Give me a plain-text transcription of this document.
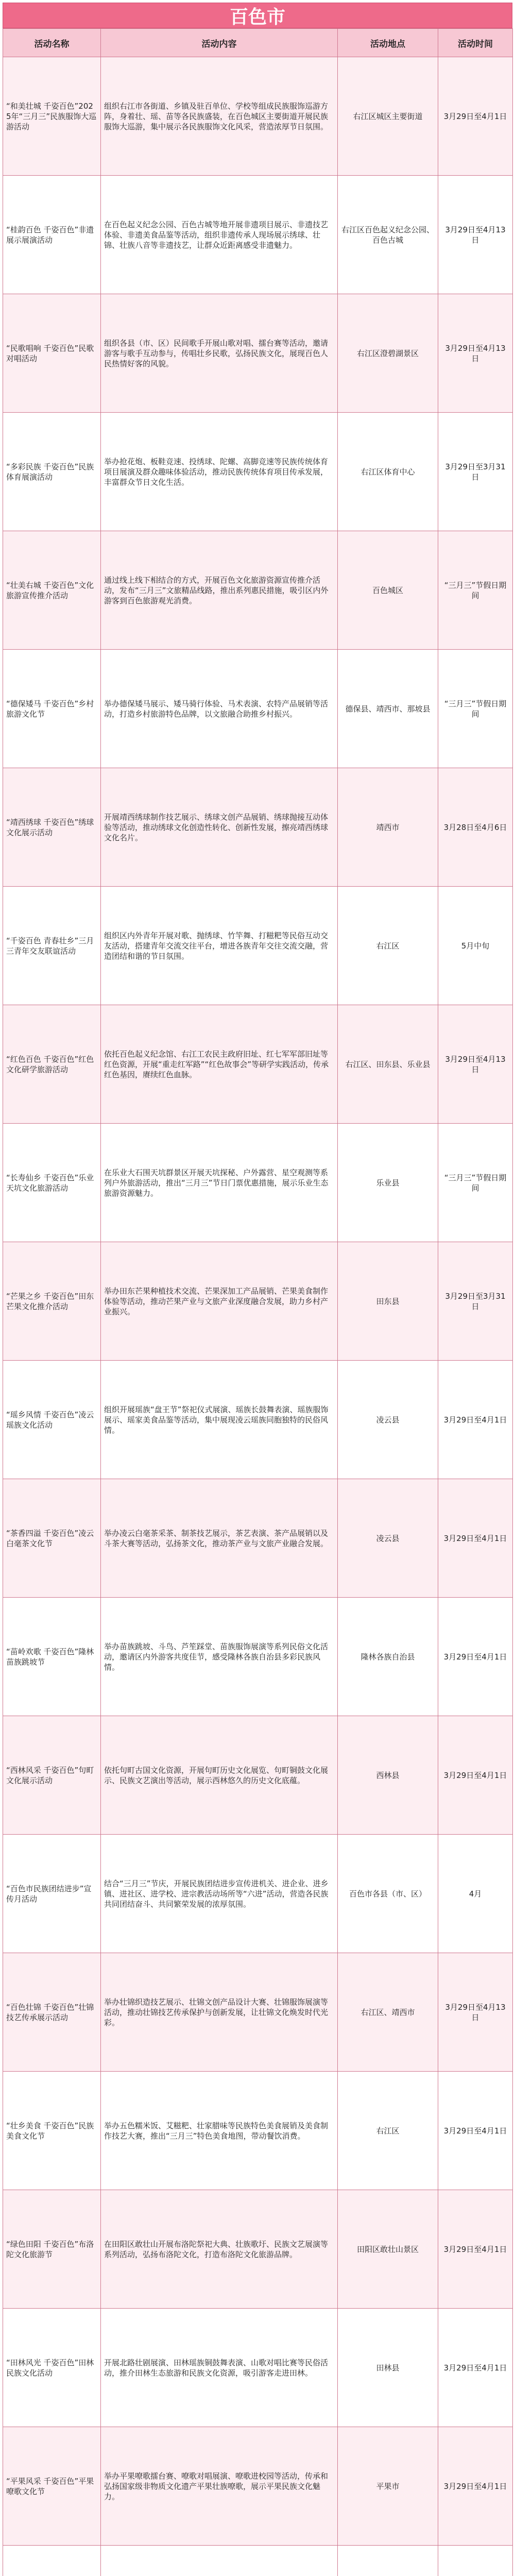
百色市
活动名称	活动内容	活动地点	活动时间
“和美壮城 千姿百色”2025年“三月三”民族服饰大巡游活动	组织右江市各街道、乡镇及驻百单位、学校等组成民族服饰巡游方阵，身着壮、瑶、苗等各民族盛装，在百色城区主要街道开展民族服饰大巡游，集中展示各民族服饰文化风采，营造浓厚节日氛围。	右江区城区主要街道	3月29日至4月1日
“桂韵百色 千姿百色”非遗展示展演活动	在百色起义纪念公园、百色古城等地开展非遗项目展示、非遗技艺体验、非遗美食品鉴等活动，组织非遗传承人现场展示绣球、壮锦、壮族八音等非遗技艺，让群众近距离感受非遗魅力。	右江区百色起义纪念公园、百色古城	3月29日至4月13日
“民歌唱响 千姿百色”民歌对唱活动	组织各县（市、区）民间歌手开展山歌对唱、擂台赛等活动，邀请游客与歌手互动参与，传唱壮乡民歌，弘扬民族文化，展现百色人民热情好客的风貌。	右江区澄碧湖景区	3月29日至4月13日
“多彩民族 千姿百色”民族体育展演活动	举办抢花炮、板鞋竞速、投绣球、陀螺、高脚竞速等民族传统体育项目展演及群众趣味体验活动，推动民族传统体育项目传承发展，丰富群众节日文化生活。	右江区体育中心	3月29日至3月31日
“壮美右城 千姿百色”文化旅游宣传推介活动	通过线上线下相结合的方式，开展百色文化旅游资源宣传推介活动，发布“三月三”文旅精品线路，推出系列惠民措施，吸引区内外游客到百色旅游观光消费。	百色城区	“三月三”节假日期间
“德保矮马 千姿百色”乡村旅游文化节	举办德保矮马展示、矮马骑行体验、马术表演、农特产品展销等活动，打造乡村旅游特色品牌，以文旅融合助推乡村振兴。	德保县、靖西市、那坡县	“三月三”节假日期间
“靖西绣球 千姿百色”绣球文化展示活动	开展靖西绣球制作技艺展示、绣球文创产品展销、绣球抛接互动体验等活动，推动绣球文化创造性转化、创新性发展，擦亮靖西绣球文化名片。	靖西市	3月28日至4月6日
“千姿百色 青春壮乡”三月三青年交友联谊活动	组织区内外青年开展对歌、抛绣球、竹竿舞、打糍粑等民俗互动交友活动，搭建青年交流交往平台，增进各族青年交往交流交融，营造团结和谐的节日氛围。	右江区	5月中旬
“红色百色 千姿百色”红色文化研学旅游活动	依托百色起义纪念馆、右江工农民主政府旧址、红七军军部旧址等红色资源，开展“重走红军路”“红色故事会”等研学实践活动，传承红色基因，赓续红色血脉。	右江区、田东县、乐业县	3月29日至4月13日
“长寿仙乡 千姿百色”乐业天坑文化旅游活动	在乐业大石围天坑群景区开展天坑探秘、户外露营、星空观测等系列户外旅游活动，推出“三月三”节日门票优惠措施，展示乐业生态旅游资源魅力。	乐业县	“三月三”节假日期间
“芒果之乡 千姿百色”田东芒果文化推介活动	举办田东芒果种植技术交流、芒果深加工产品展销、芒果美食制作体验等活动，推动芒果产业与文旅产业深度融合发展，助力乡村产业振兴。	田东县	3月29日至3月31日
“瑶乡风情 千姿百色”凌云瑶族文化活动	组织开展瑶族“盘王节”祭祀仪式展演、瑶族长鼓舞表演、瑶族服饰展示、瑶家美食品鉴等活动，集中展现凌云瑶族同胞独特的民俗风情。	凌云县	3月29日至4月1日
“茶香四溢 千姿百色”凌云白毫茶文化节	举办凌云白毫茶采茶、制茶技艺展示，茶艺表演、茶产品展销以及斗茶大赛等活动，弘扬茶文化，推动茶产业与文旅产业融合发展。	凌云县	3月29日至4月1日
“苗岭欢歌 千姿百色”隆林苗族跳坡节	举办苗族跳坡、斗鸟、芦笙踩堂、苗族服饰展演等系列民俗文化活动，邀请区内外游客共度佳节，感受隆林各族自治县多彩民族风情。	隆林各族自治县	3月29日至4月1日
“西林风采 千姿百色”句町文化展示活动	依托句町古国文化资源，开展句町历史文化展览、句町铜鼓文化展示、民族文艺演出等活动，展示西林悠久的历史文化底蕴。	西林县	3月29日至4月1日
“百色市民族团结进步”宣传月活动	结合“三月三”节庆，开展民族团结进步宣传进机关、进企业、进乡镇、进社区、进学校、进宗教活动场所等“六进”活动，营造各民族共同团结奋斗、共同繁荣发展的浓厚氛围。	百色市各县（市、区）	4月
“百色壮锦 千姿百色”壮锦技艺传承展示活动	举办壮锦织造技艺展示、壮锦文创产品设计大赛、壮锦服饰展演等活动，推动壮锦技艺传承保护与创新发展，让壮锦文化焕发时代光彩。	右江区、靖西市	3月29日至4月13日
“壮乡美食 千姿百色”民族美食文化节	举办五色糯米饭、艾糍粑、壮家腊味等民族特色美食展销及美食制作技艺大赛，推出“三月三”特色美食地图，带动餐饮消费。	右江区	3月29日至4月1日
“绿色田阳 千姿百色”布洛陀文化旅游节	在田阳区敢壮山开展布洛陀祭祀大典、壮族歌圩、民族文艺展演等系列活动，弘扬布洛陀文化，打造布洛陀文化旅游品牌。	田阳区敢壮山景区	3月29日至4月1日
“田林风光 千姿百色”田林民族文化活动	开展北路壮剧展演、田林瑶族铜鼓舞表演、山歌对唱比赛等民俗活动，推介田林生态旅游和民族文化资源，吸引游客走进田林。	田林县	3月29日至4月1日
“平果风采 千姿百色”平果嘹歌文化节	举办平果嘹歌擂台赛、嘹歌对唱展演、嘹歌进校园等活动，传承和弘扬国家级非物质文化遗产平果壮族嘹歌，展示平果民族文化魅力。	平果市	3月29日至4月1日
